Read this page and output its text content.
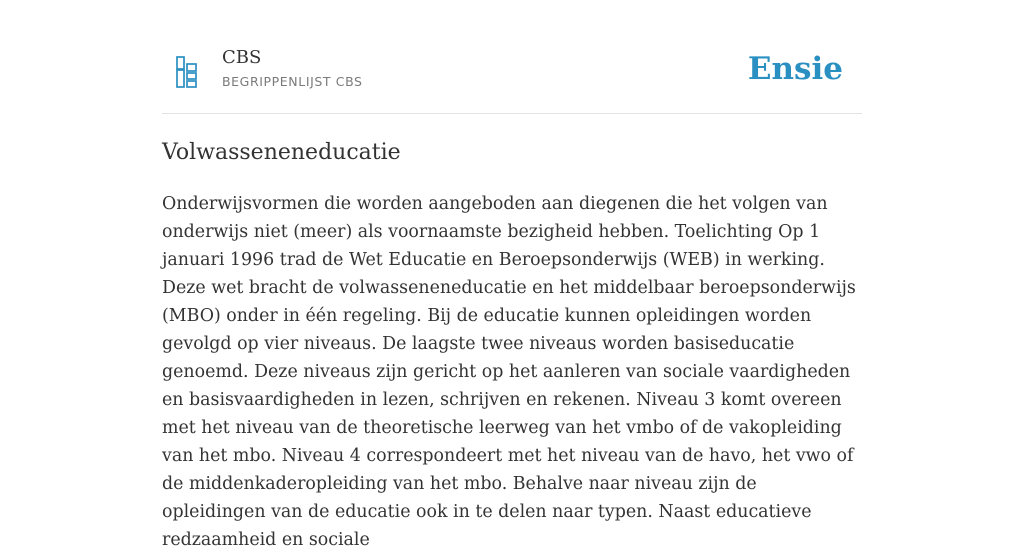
CBS
BEGRIPPENLIJST CBS	Ensie
Volwasseneneducatie

Onderwijsvormen die worden aangeboden aan diegenen die het volgen van onderwijs niet (meer) als voornaamste bezigheid hebben. Toelichting Op 1 januari 1996 trad de Wet Educatie en Beroepsonderwijs (WEB) in werking. Deze wet bracht de volwasseneneducatie en het middelbaar beroepsonderwijs (MBO) onder in één regeling. Bij de educatie kunnen opleidingen worden gevolgd op vier niveaus. De laagste twee niveaus worden basiseducatie genoemd. Deze niveaus zijn gericht op het aanleren van sociale vaardigheden en basisvaardigheden in lezen, schrijven en rekenen. Niveau 3 komt overeen met het niveau van de theoretische leerweg van het vmbo of de vakopleiding van het mbo. Niveau 4 correspondeert met het niveau van de havo, het vwo of de middenkaderopleiding van het mbo. Behalve naar niveau zijn de opleidingen van de educatie ook in te delen naar typen. Naast educatieve redzaamheid en sociale
